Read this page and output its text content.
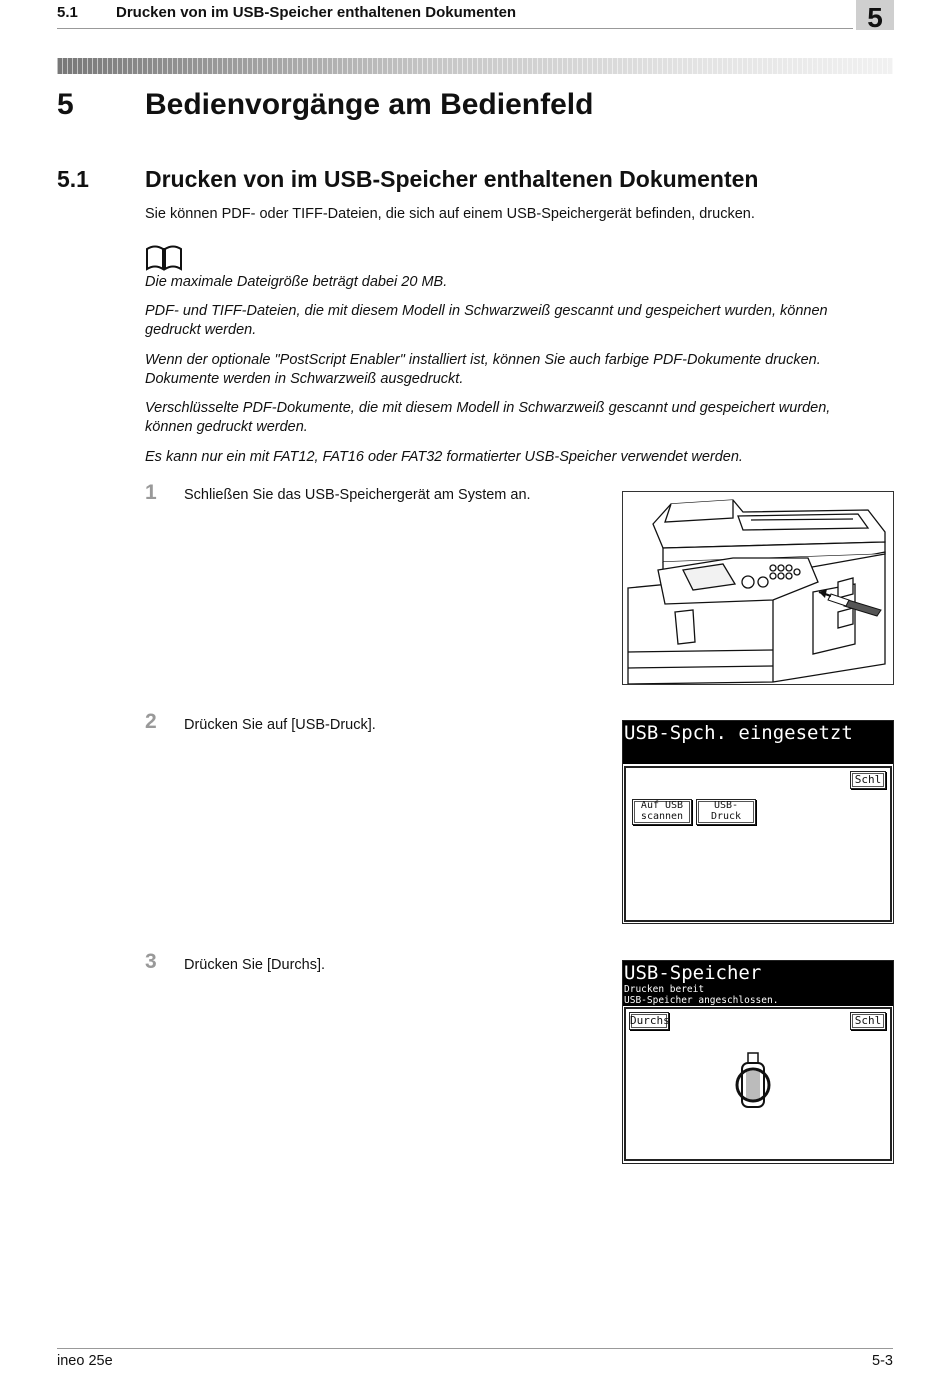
5.1	Drucken von im USB-Speicher enthaltenen Dokumenten	5
5 Bedienvorgänge am Bedienfeld
5.1 Drucken von im USB-Speicher enthaltenen Dokumenten
Sie können PDF- oder TIFF-Dateien, die sich auf einem USB-Speichergerät befinden, drucken.
Die maximale Dateigröße beträgt dabei 20 MB.
PDF- und TIFF-Dateien, die mit diesem Modell in Schwarzweiß gescannt und gespeichert wurden, können
gedruckt werden.
Wenn der optionale "PostScript Enabler" installiert ist, können Sie auch farbige PDF-Dokumente drucken.
Dokumente werden in Schwarzweiß ausgedruckt.
Verschlüsselte PDF-Dokumente, die mit diesem Modell in Schwarzweiß gescannt und gespeichert wurden,
können gedruckt werden.
Es kann nur ein mit FAT12, FAT16 oder FAT32 formatierter USB-Speicher verwendet werden.
1 Schließen Sie das USB-Speichergerät am System an.
2 Drücken Sie auf [USB-Druck].	USB-Spch. eingesetzt
Schl
Auf USB
scannen
USB-
Druck
3 Drücken Sie [Durchs].	USB-Speicher
Drucken bereit
USB-Speicher angeschlossen.
Durchs	Schl
ineo 25e	5-3
